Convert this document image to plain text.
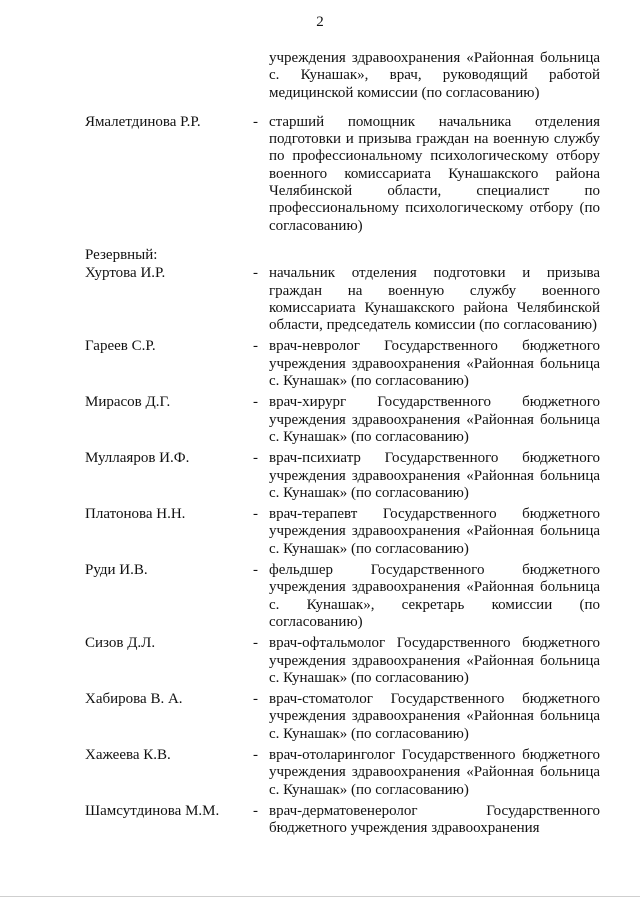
2
учреждения здравоохранения «Районная больница с. Кунашак», врач, руководящий работой медицинской комиссии (по согласованию)
Ямалетдинова Р.Р.	- старший помощник начальника отделения подготовки и призыва граждан на военную службу по профессиональному психологическому отбору военного комиссариата Кунашакского района Челябинской области, специалист по профессиональному психологическому отбору (по согласованию)
Резервный:
Хуртова И.Р.	- начальник отделения подготовки и призыва граждан на военную службу военного комиссариата Кунашакского района Челябинской области, председатель комиссии (по согласованию)
Гареев С.Р.	- врач-невролог Государственного бюджетного учреждения здравоохранения «Районная больница с. Кунашак» (по согласованию)
Мирасов Д.Г.	- врач-хирург Государственного бюджетного учреждения здравоохранения «Районная больница с. Кунашак» (по согласованию)
Муллаяров И.Ф.	- врач-психиатр Государственного бюджетного учреждения здравоохранения «Районная больница с. Кунашак» (по согласованию)
Платонова Н.Н.	- врач-терапевт Государственного бюджетного учреждения здравоохранения «Районная больница с. Кунашак» (по согласованию)
Руди И.В.	- фельдшер Государственного бюджетного учреждения здравоохранения «Районная больница с. Кунашак», секретарь комиссии (по согласованию)
Сизов Д.Л.	- врач-офтальмолог Государственного бюджетного учреждения здравоохранения «Районная больница с. Кунашак» (по согласованию)
Хабирова В. А.	- врач-стоматолог Государственного бюджетного учреждения здравоохранения «Районная больница с. Кунашак» (по согласованию)
Хажеева К.В.	- врач-отоларинголог Государственного бюджетного учреждения здравоохранения «Районная больница с. Кунашак» (по согласованию)
Шамсутдинова М.М.	- врач-дерматовенеролог Государственного бюджетного учреждения здравоохранения
